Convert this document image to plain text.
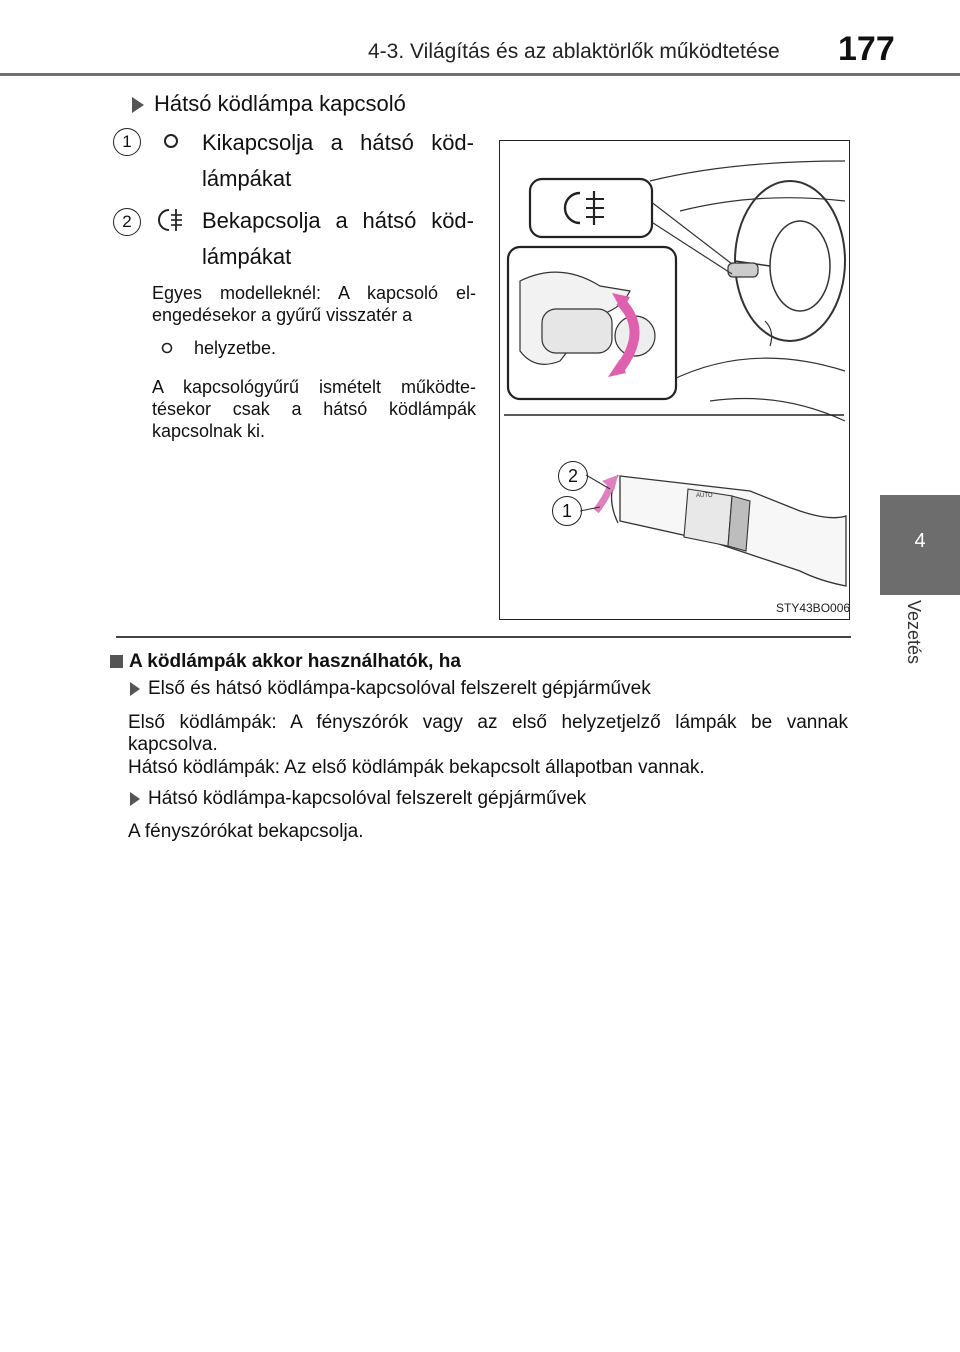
4-3. Világítás és az ablaktörlők működtetése 177
4
Vezetés
Hátsó ködlámpa kapcsoló
1	Kikapcsolja a hátsó köd-lámpákat
2	Bekapcsolja a hátsó köd-lámpákat
Egyes modelleknél: A kapcsoló el-engedésekor a gyűrű visszatér a
helyzetbe.
A kapcsológyűrű ismételt működte-tésekor csak a hátsó ködlámpák kapcsolnak ki.
AUTO
2
1
STY43BO006
A ködlámpák akkor használhatók, ha
Első és hátsó ködlámpa-kapcsolóval felszerelt gépjárművek
Első ködlámpák: A fényszórók vagy az első helyzetjelző lámpák be vannak kapcsolva.
Hátsó ködlámpák: Az első ködlámpák bekapcsolt állapotban vannak.
Hátsó ködlámpa-kapcsolóval felszerelt gépjárművek
A fényszórókat bekapcsolja.
